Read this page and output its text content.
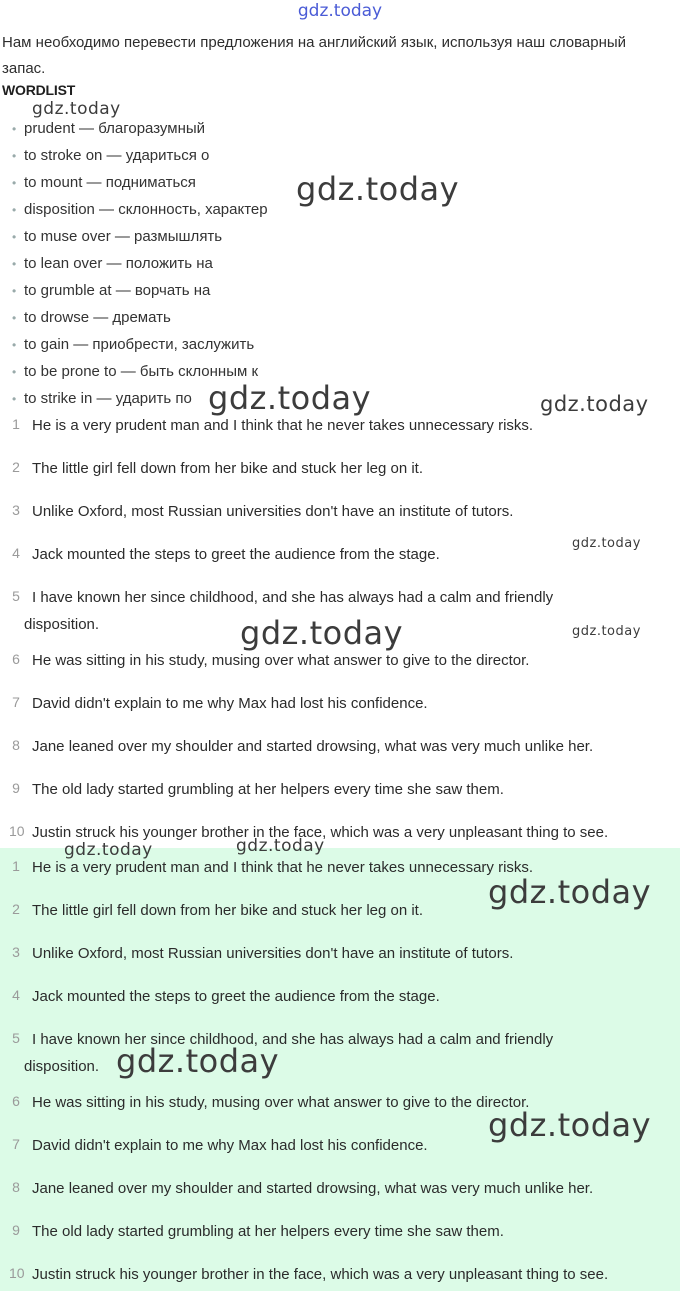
gdz.today
Нам необходимо перевести предложения на английский язык, используя наш словарный запас.
WORDLIST
• prudent — благоразумный
• to stroke on — удариться о
• to mount — подниматься
• disposition — склонность, характер
• to muse over — размышлять
• to lean over — положить на
• to grumble at — ворчать на
• to drowse — дремать
• to gain — приобрести, заслужить
• to be prone to — быть склонным к
• to strike in — ударить по
1 He is a very prudent man and I think that he never takes unnecessary risks.
2 The little girl fell down from her bike and stuck her leg on it.
3 Unlike Oxford, most Russian universities don't have an institute of tutors.
4 Jack mounted the steps to greet the audience from the stage.
5 I have known her since childhood, and she has always had a calm and friendly disposition.
6 He was sitting in his study, musing over what answer to give to the director.
7 David didn't explain to me why Max had lost his confidence.
8 Jane leaned over my shoulder and started drowsing, what was very much unlike her.
9 The old lady started grumbling at her helpers every time she saw them.
10 Justin struck his younger brother in the face, which was a very unpleasant thing to see.
1 He is a very prudent man and I think that he never takes unnecessary risks.
2 The little girl fell down from her bike and stuck her leg on it.
3 Unlike Oxford, most Russian universities don't have an institute of tutors.
4 Jack mounted the steps to greet the audience from the stage.
5 I have known her since childhood, and she has always had a calm and friendly disposition.
6 He was sitting in his study, musing over what answer to give to the director.
7 David didn't explain to me why Max had lost his confidence.
8 Jane leaned over my shoulder and started drowsing, what was very much unlike her.
9 The old lady started grumbling at her helpers every time she saw them.
10 Justin struck his younger brother in the face, which was a very unpleasant thing to see.
gdz.today
gdz.today
gdz.today	gdz.today
gdz.today
gdz.today	gdz.today
gdz.today	gdz.today
gdz.today
gdz.today
gdz.today
